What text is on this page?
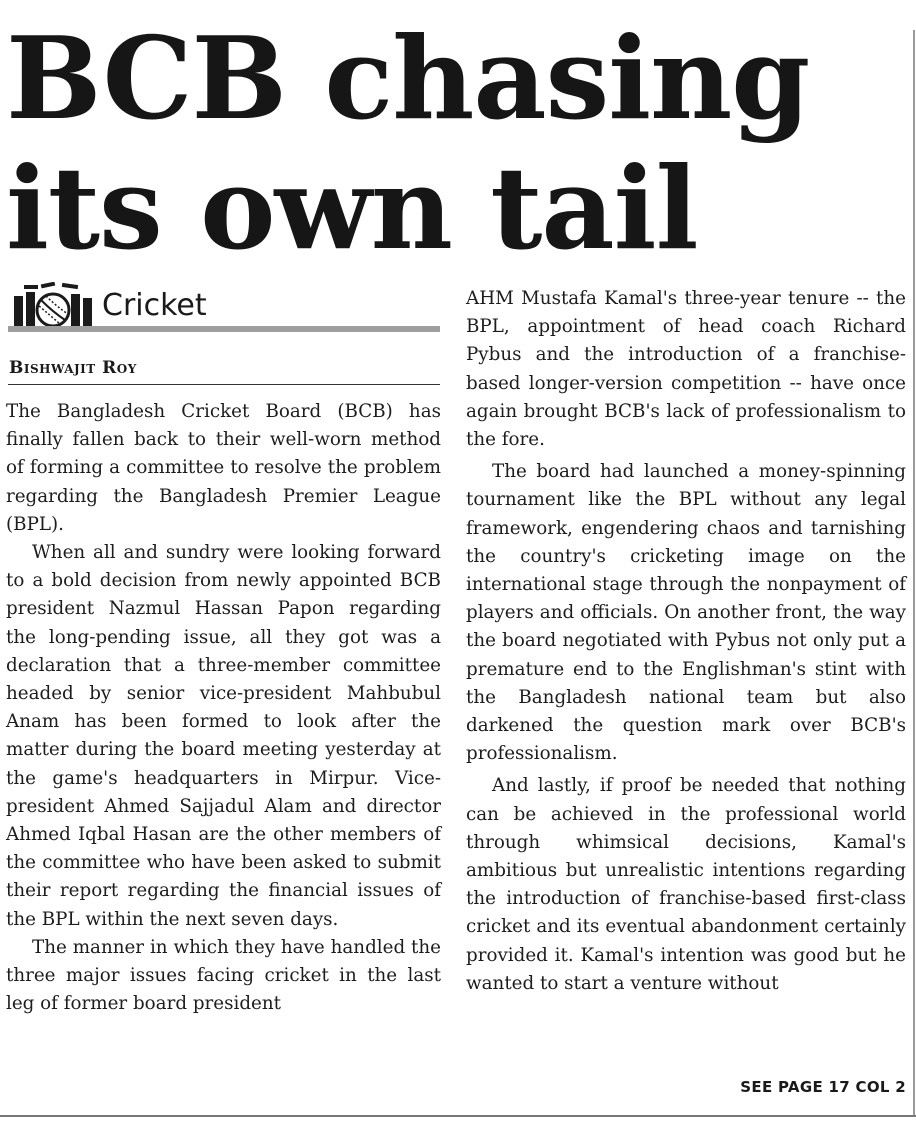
BCB chasing
its own tail
Cricket
Bishwajit Roy

The Bangladesh Cricket Board (BCB) has finally fallen back to their well-worn method of forming a committee to resolve the problem regarding the Bangladesh Premier League (BPL).

When all and sundry were looking forward to a bold decision from newly appointed BCB president Nazmul Hassan Papon regarding the long-pending issue, all they got was a declaration that a three-member committee headed by senior vice-president Mahbubul Anam has been formed to look after the matter during the board meeting yesterday at the game's headquarters in Mirpur. Vice-president Ahmed Sajjadul Alam and director Ahmed Iqbal Hasan are the other members of the committee who have been asked to submit their report regarding the financial issues of the BPL within the next seven days.

The manner in which they have handled the three major issues facing cricket in the last leg of former board president

AHM Mustafa Kamal's three-year tenure -- the BPL, appointment of head coach Richard Pybus and the introduction of a franchise-based longer-version competition -- have once again brought BCB's lack of professionalism to the fore.

The board had launched a money-spinning tournament like the BPL without any legal framework, engendering chaos and tarnishing the country's cricketing image on the international stage through the nonpayment of players and officials. On another front, the way the board negotiated with Pybus not only put a premature end to the Englishman's stint with the Bangladesh national team but also darkened the question mark over BCB's professionalism.

And lastly, if proof be needed that nothing can be achieved in the professional world through whimsical decisions, Kamal's ambitious but unrealistic intentions regarding the introduction of franchise-based first-class cricket and its eventual abandonment certainly provided it. Kamal's intention was good but he wanted to start a venture without

SEE PAGE 17 COL 2
